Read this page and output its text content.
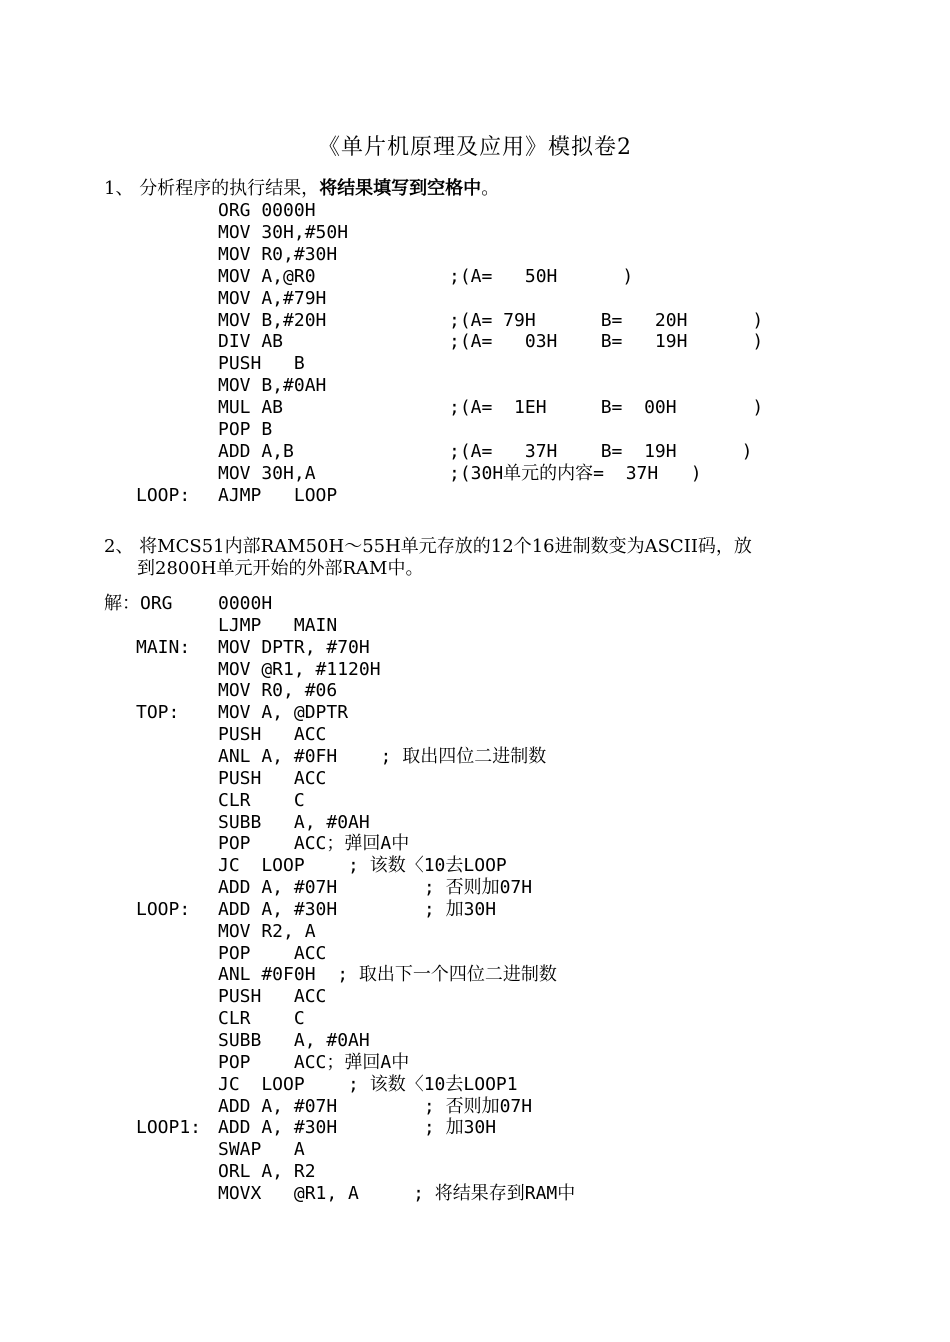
《单片机原理及应用》模拟卷2
1、 分析程序的执行结果，将结果填写到空格中。
ORG 0000H
MOV 30H,#50H
MOV R0,#30H
MOV A,@R0	;(A=   50H      )
MOV A,#79H
MOV B,#20H	;(A= 79H      B=   20H      )
DIV AB	;(A=   03H    B=   19H      )
PUSH   B
MOV B,#0AH
MUL AB	;(A=  1EH     B=  00H       )
POP B
ADD A,B	;(A=   37H    B=  19H      )
MOV 30H,A	;(30H单元的内容=  37H   )
LOOP: AJMP   LOOP
2、 将MCS51内部RAM50H～55H单元存放的12个16进制数变为ASCII码，放
到2800H单元开始的外部RAM中。
解：ORG	0000H
LJMP   MAIN
MAIN: MOV DPTR, #70H
MOV @R1, #1120H
MOV R0, #06
TOP: MOV A, @DPTR
PUSH   ACC
ANL A, #0FH    ; 取出四位二进制数
PUSH   ACC
CLR    C
SUBB   A, #0AH
POP    ACC；弹回A中
JC  LOOP    ; 该数〈10去LOOP
ADD A, #07H        ; 否则加07H
LOOP: ADD A, #30H        ; 加30H
MOV R2, A
POP    ACC
ANL #0F0H  ; 取出下一个四位二进制数
PUSH   ACC
CLR    C
SUBB   A, #0AH
POP    ACC；弹回A中
JC  LOOP    ; 该数〈10去LOOP1
ADD A, #07H        ; 否则加07H
LOOP1: ADD A, #30H        ; 加30H
SWAP   A
ORL A, R2
MOVX   @R1, A     ; 将结果存到RAM中
